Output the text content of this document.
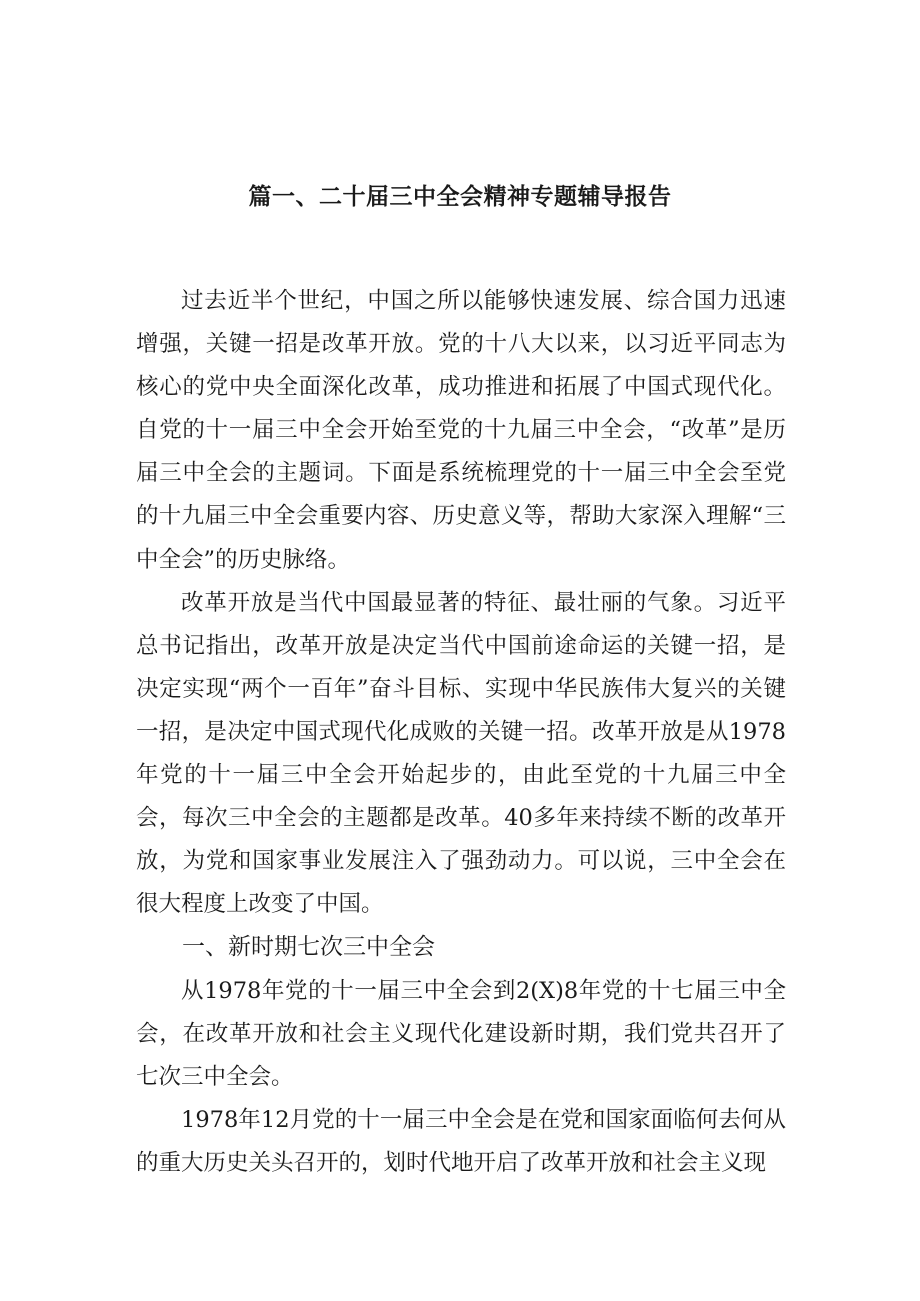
篇一、二十届三中全会精神专题辅导报告

过去近半个世纪，中国之所以能够快速发展、综合国力迅速增强，关键一招是改革开放。党的十八大以来，以习近平同志为核心的党中央全面深化改革，成功推进和拓展了中国式现代化。自党的十一届三中全会开始至党的十九届三中全会，“改革”是历届三中全会的主题词。下面是系统梳理党的十一届三中全会至党的十九届三中全会重要内容、历史意义等，帮助大家深入理解“三中全会”的历史脉络。

改革开放是当代中国最显著的特征、最壮丽的气象。习近平总书记指出，改革开放是决定当代中国前途命运的关键一招，是决定实现“两个一百年”奋斗目标、实现中华民族伟大复兴的关键一招，是决定中国式现代化成败的关键一招。改革开放是从1978年党的十一届三中全会开始起步的，由此至党的十九届三中全会，每次三中全会的主题都是改革。40多年来持续不断的改革开放，为党和国家事业发展注入了强劲动力。可以说，三中全会在很大程度上改变了中国。

一、新时期七次三中全会

从1978年党的十一届三中全会到2(X)8年党的十七届三中全会，在改革开放和社会主义现代化建设新时期，我们党共召开了七次三中全会。

1978年12月党的十一届三中全会是在党和国家面临何去何从的重大历史关头召开的，划时代地开启了改革开放和社会主义现
